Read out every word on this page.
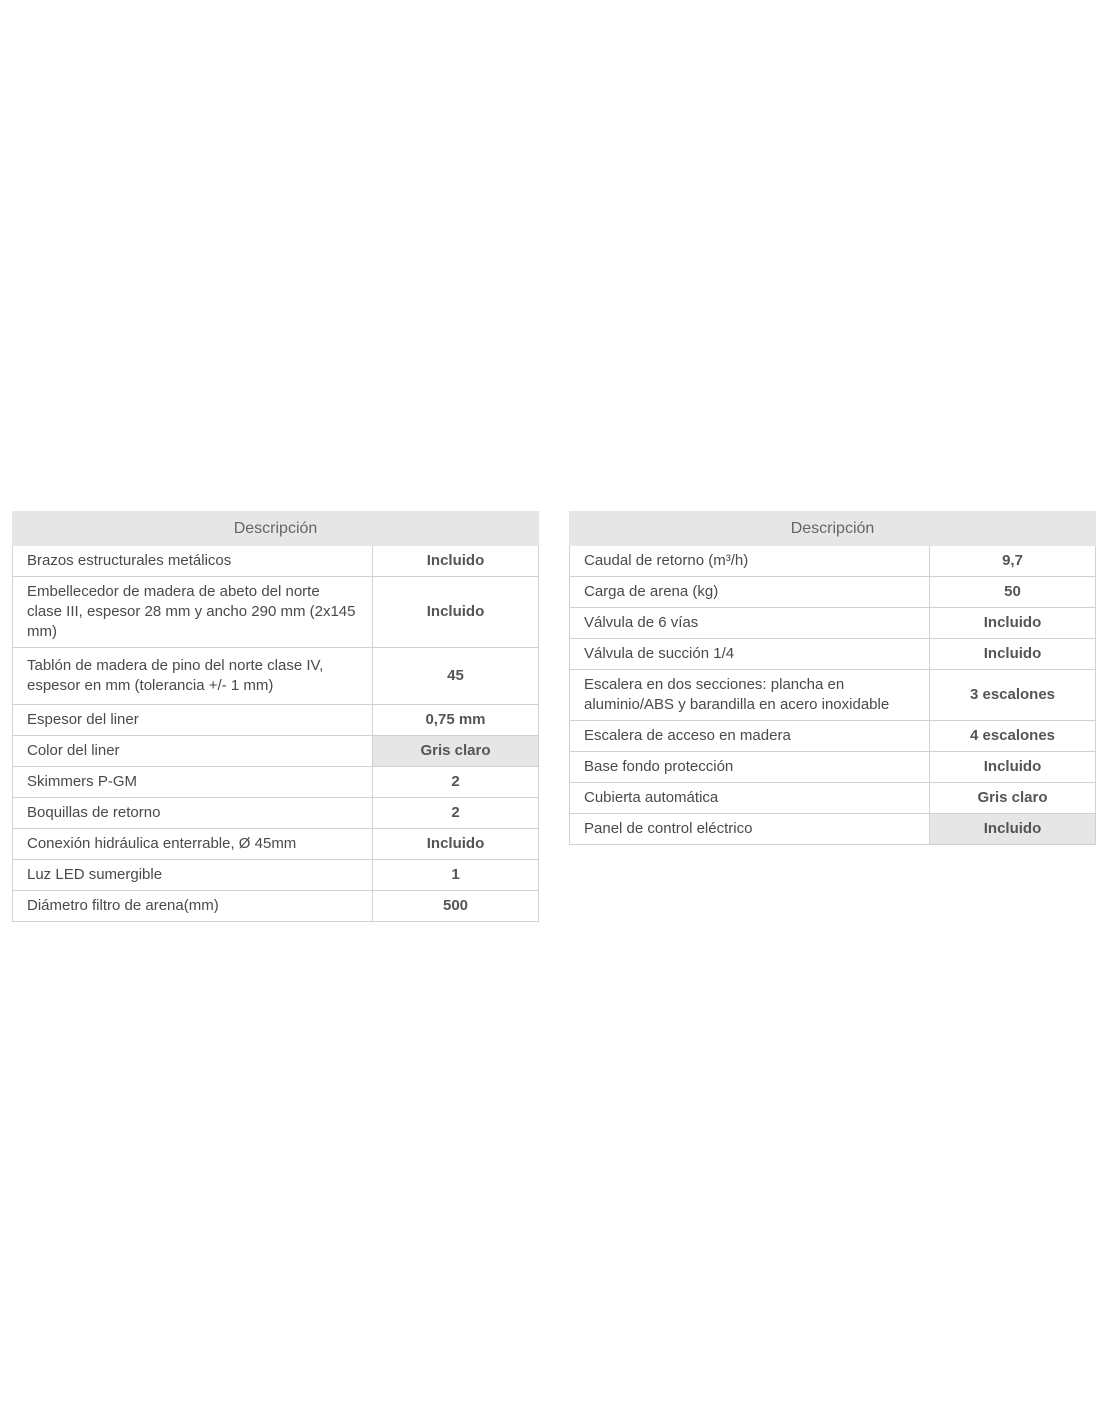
Descripción	
Brazos estructurales metálicos	Incluido
Embellecedor de madera de abeto del norte clase III, espesor 28 mm y ancho 290 mm (2x145 mm)	Incluido
Tablón de madera de pino del norte clase IV, espesor en mm (tolerancia +/- 1 mm)	45
Espesor del liner	0,75 mm
Color del liner	Gris claro
Skimmers P-GM	2
Boquillas de retorno	2
Conexión hidráulica enterrable, Ø 45mm	Incluido
Luz LED sumergible	1
Diámetro filtro de arena(mm)	500
Descripción	
Caudal de retorno (m³/h)	9,7
Carga de arena (kg)	50
Válvula de 6 vías	Incluido
Válvula de succión 1/4	Incluido
Escalera en dos secciones: plancha en aluminio/ABS y barandilla en acero inoxidable	3 escalones
Escalera de acceso en madera	4 escalones
Base fondo protección	Incluido
Cubierta automática	Gris claro
Panel de control eléctrico	Incluido
